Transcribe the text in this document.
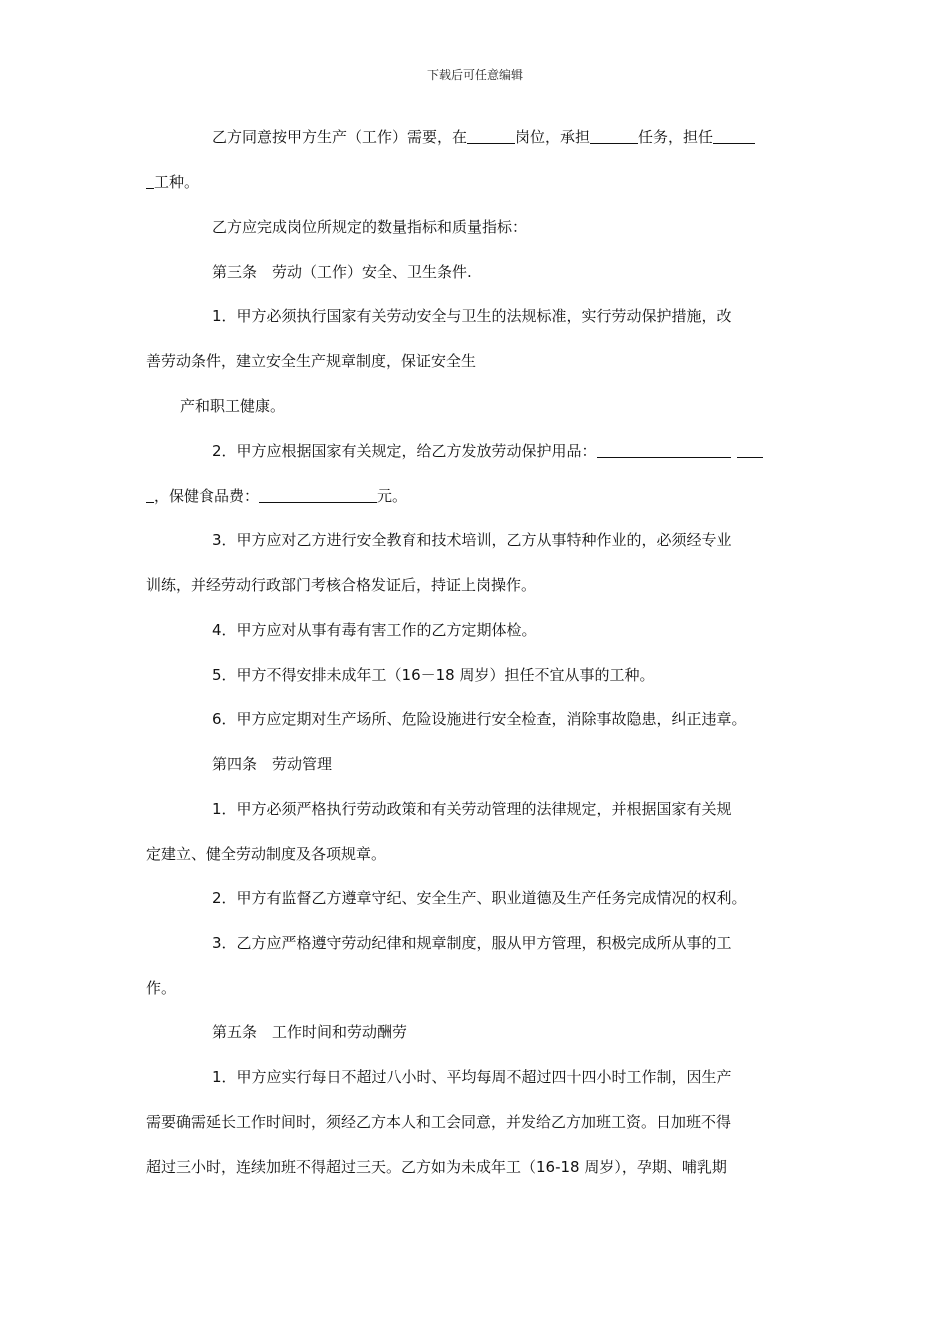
下载后可任意编辑
乙方同意按甲方生产（工作）需要，在	岗位，承担	任务，担任
工种。
乙方应完成岗位所规定的数量指标和质量指标：
第三条　劳动（工作）安全、卫生条件.
1．甲方必须执行国家有关劳动安全与卫生的法规标准，实行劳动保护措施，改
善劳动条件，建立安全生产规章制度，保证安全生
产和职工健康。
2．甲方应根据国家有关规定，给乙方发放劳动保护用品：
，保健食品费：	元。
3．甲方应对乙方进行安全教育和技术培训，乙方从事特种作业的，必须经专业
训练，并经劳动行政部门考核合格发证后，持证上岗操作。
4．甲方应对从事有毒有害工作的乙方定期体检。
5．甲方不得安排未成年工（16－18 周岁）担任不宜从事的工种。
6．甲方应定期对生产场所、危险设施进行安全检查，消除事故隐患，纠正违章。
第四条　劳动管理
1．甲方必须严格执行劳动政策和有关劳动管理的法律规定，并根据国家有关规
定建立、健全劳动制度及各项规章。
2．甲方有监督乙方遵章守纪、安全生产、职业道德及生产任务完成情况的权利。
3．乙方应严格遵守劳动纪律和规章制度，服从甲方管理，积极完成所从事的工
作。
第五条　工作时间和劳动酬劳
1．甲方应实行每日不超过八小时、平均每周不超过四十四小时工作制，因生产
需要确需延长工作时间时，须经乙方本人和工会同意，并发给乙方加班工资。日加班不得
超过三小时，连续加班不得超过三天。乙方如为未成年工（16-18 周岁），孕期、哺乳期
